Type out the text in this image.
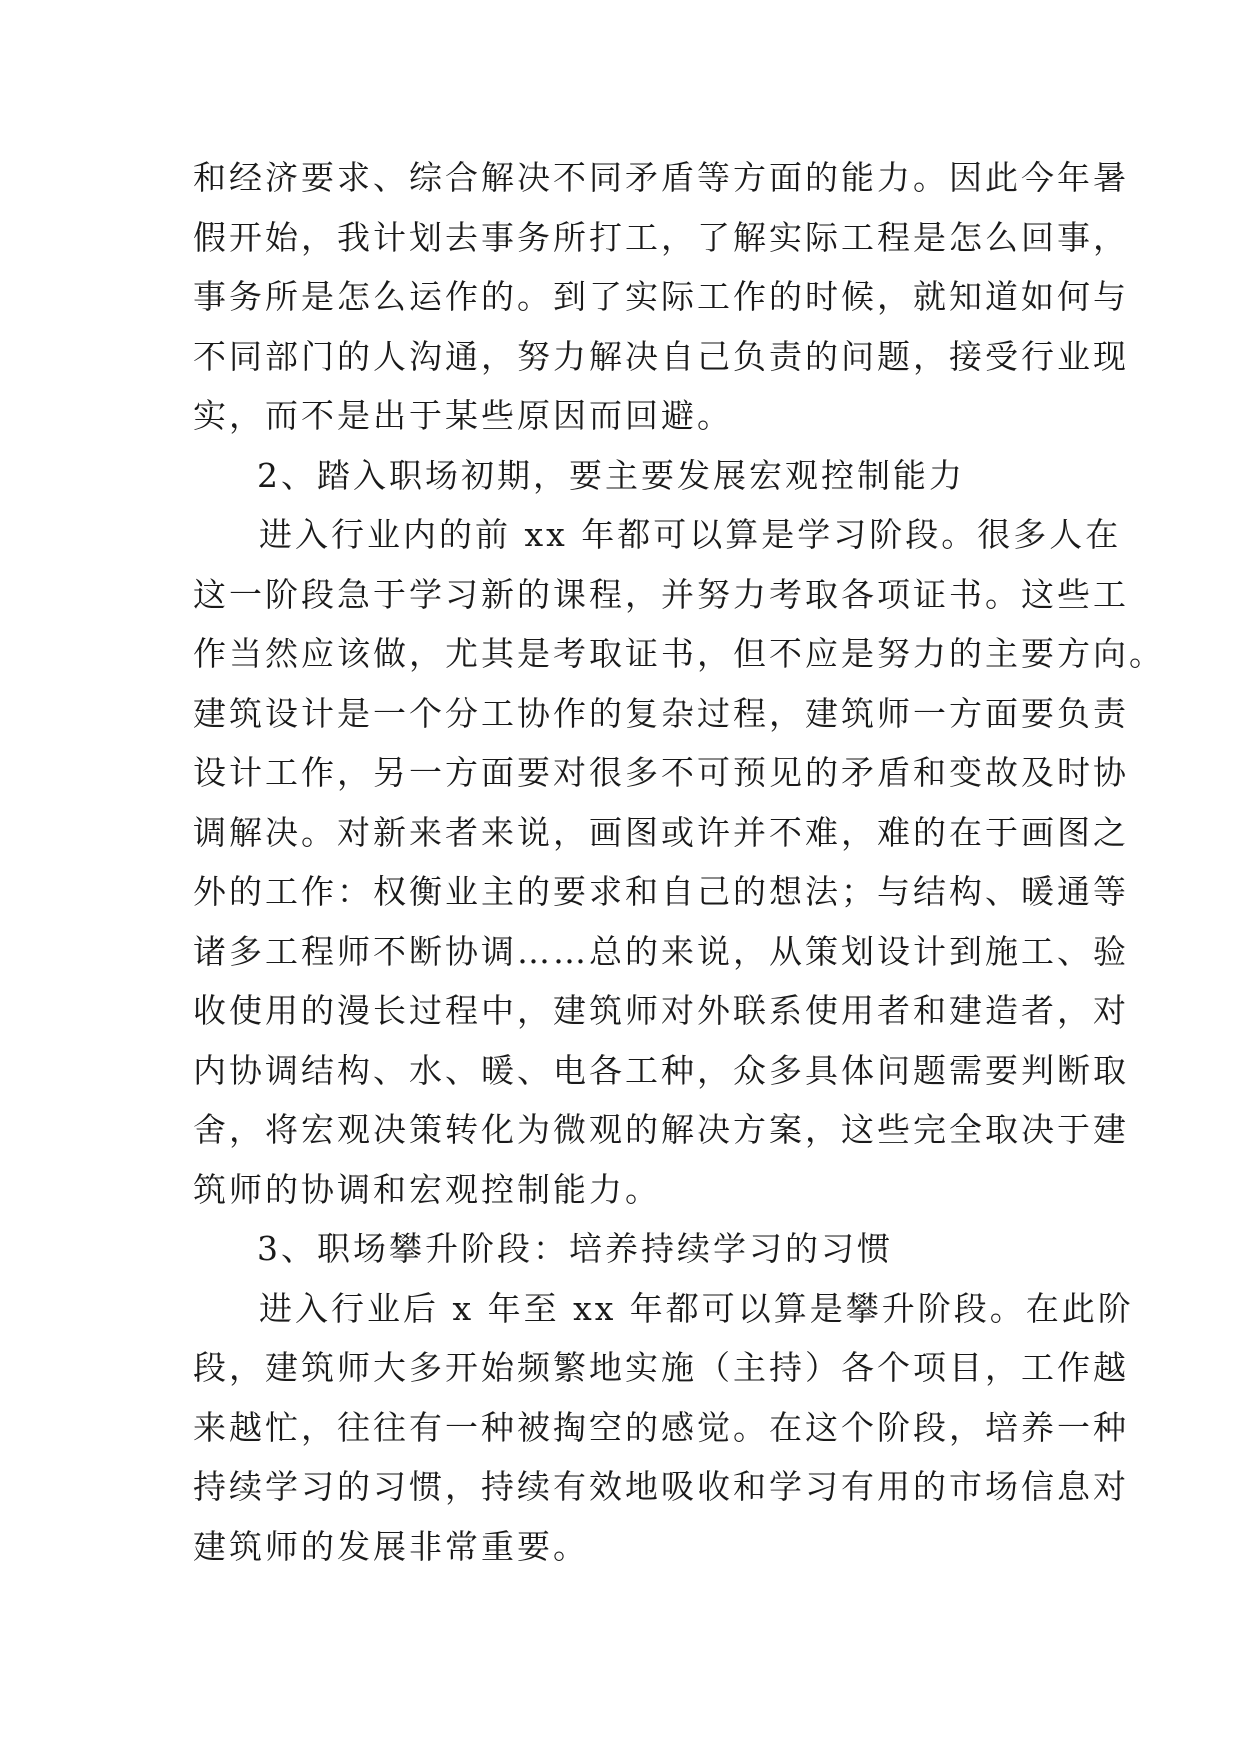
和经济要求、综合解决不同矛盾等方面的能力。因此今年暑
假开始，我计划去事务所打工，了解实际工程是怎么回事，
事务所是怎么运作的。到了实际工作的时候，就知道如何与
不同部门的人沟通，努力解决自己负责的问题，接受行业现
实，而不是出于某些原因而回避。
2、踏入职场初期，要主要发展宏观控制能力
进入行业内的前 xx 年都可以算是学习阶段。很多人在
这一阶段急于学习新的课程，并努力考取各项证书。这些工
作当然应该做，尤其是考取证书，但不应是努力的主要方向。
建筑设计是一个分工协作的复杂过程，建筑师一方面要负责
设计工作，另一方面要对很多不可预见的矛盾和变故及时协
调解决。对新来者来说，画图或许并不难，难的在于画图之
外的工作：权衡业主的要求和自己的想法；与结构、暖通等
诸多工程师不断协调……总的来说，从策划设计到施工、验
收使用的漫长过程中，建筑师对外联系使用者和建造者，对
内协调结构、水、暖、电各工种，众多具体问题需要判断取
舍，将宏观决策转化为微观的解决方案，这些完全取决于建
筑师的协调和宏观控制能力。
3、职场攀升阶段：培养持续学习的习惯
进入行业后 x 年至 xx 年都可以算是攀升阶段。在此阶
段，建筑师大多开始频繁地实施（主持）各个项目，工作越
来越忙，往往有一种被掏空的感觉。在这个阶段，培养一种
持续学习的习惯，持续有效地吸收和学习有用的市场信息对
建筑师的发展非常重要。
